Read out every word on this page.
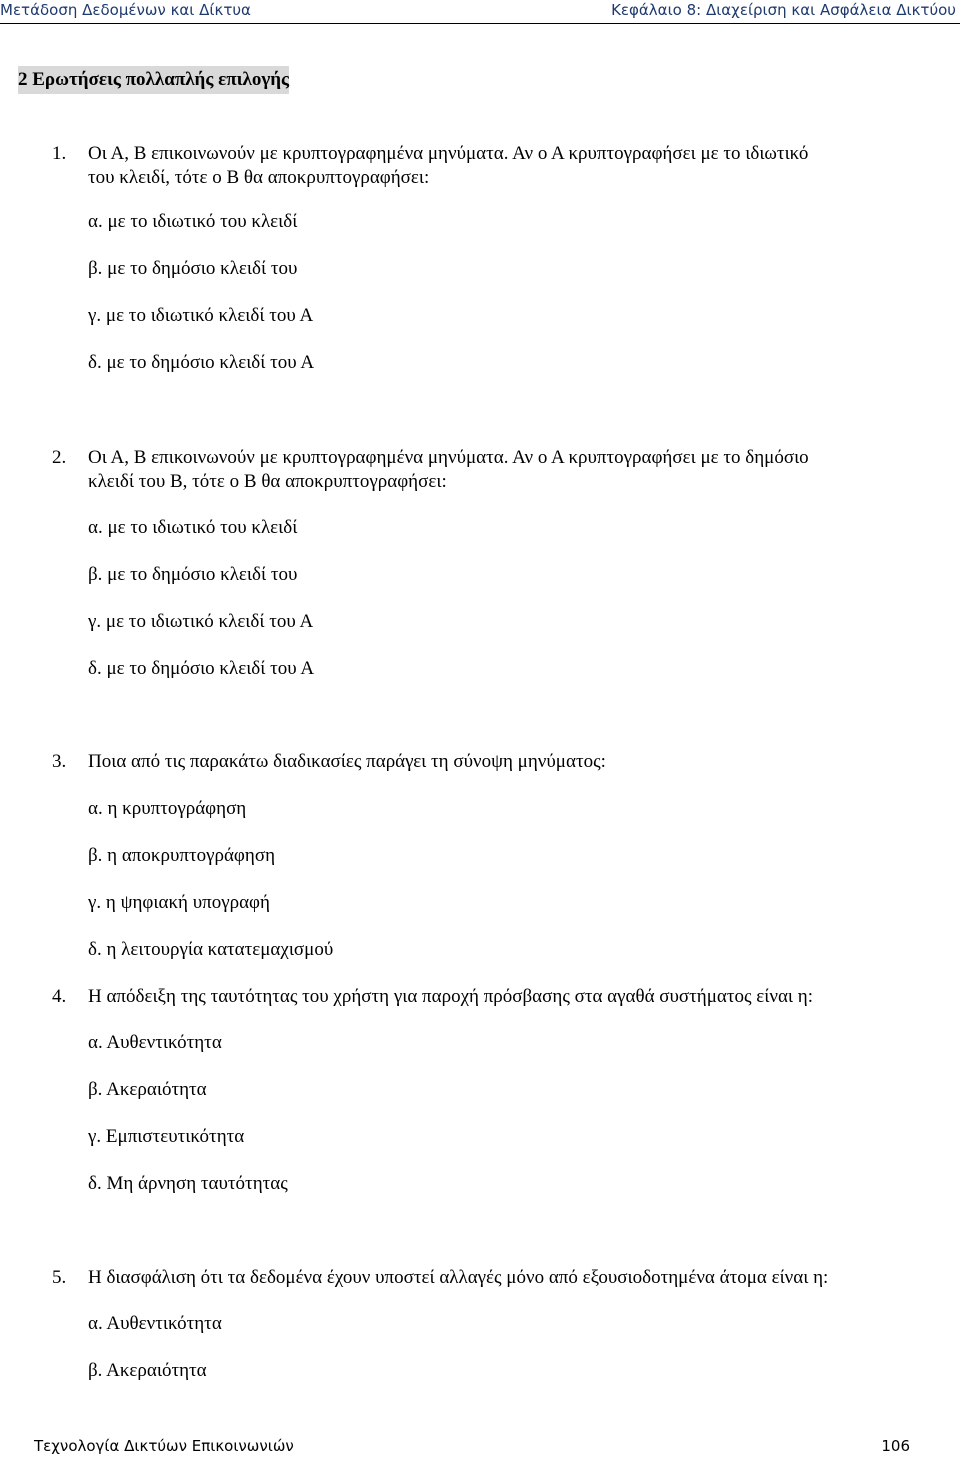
Μετάδοση Δεδομένων και Δίκτυα	Κεφάλαιο 8: Διαχείριση και Ασφάλεια Δικτύου
2 Ερωτήσεις πολλαπλής επιλογής
1. Οι Α, Β επικοινωνούν με κρυπτογραφημένα μηνύματα. Αν ο Α κρυπτογραφήσει με το ιδιωτικό
του κλειδί, τότε ο Β θα αποκρυπτογραφήσει:
α. με το ιδιωτικό του κλειδί
β. με το δημόσιο κλειδί του
γ. με το ιδιωτικό κλειδί του Α
δ. με το δημόσιο κλειδί του Α
2. Οι Α, Β επικοινωνούν με κρυπτογραφημένα μηνύματα. Αν ο Α κρυπτογραφήσει με το δημόσιο
κλειδί του Β, τότε ο Β θα αποκρυπτογραφήσει:
α. με το ιδιωτικό του κλειδί
β. με το δημόσιο κλειδί του
γ. με το ιδιωτικό κλειδί του Α
δ. με το δημόσιο κλειδί του Α
3. Ποια από τις παρακάτω διαδικασίες παράγει τη σύνοψη μηνύματος:
α. η κρυπτογράφηση
β. η αποκρυπτογράφηση
γ. η ψηφιακή υπογραφή
δ. η λειτουργία κατατεμαχισμού
4. Η απόδειξη της ταυτότητας του χρήστη για παροχή πρόσβασης στα αγαθά συστήματος είναι η:
α. Αυθεντικότητα
β. Ακεραιότητα
γ. Εμπιστευτικότητα
δ. Μη άρνηση ταυτότητας
5. Η διασφάλιση ότι τα δεδομένα έχουν υποστεί αλλαγές μόνο από εξουσιοδοτημένα άτομα είναι η:
α. Αυθεντικότητα
β. Ακεραιότητα
Τεχνολογία Δικτύων Επικοινωνιών	106
